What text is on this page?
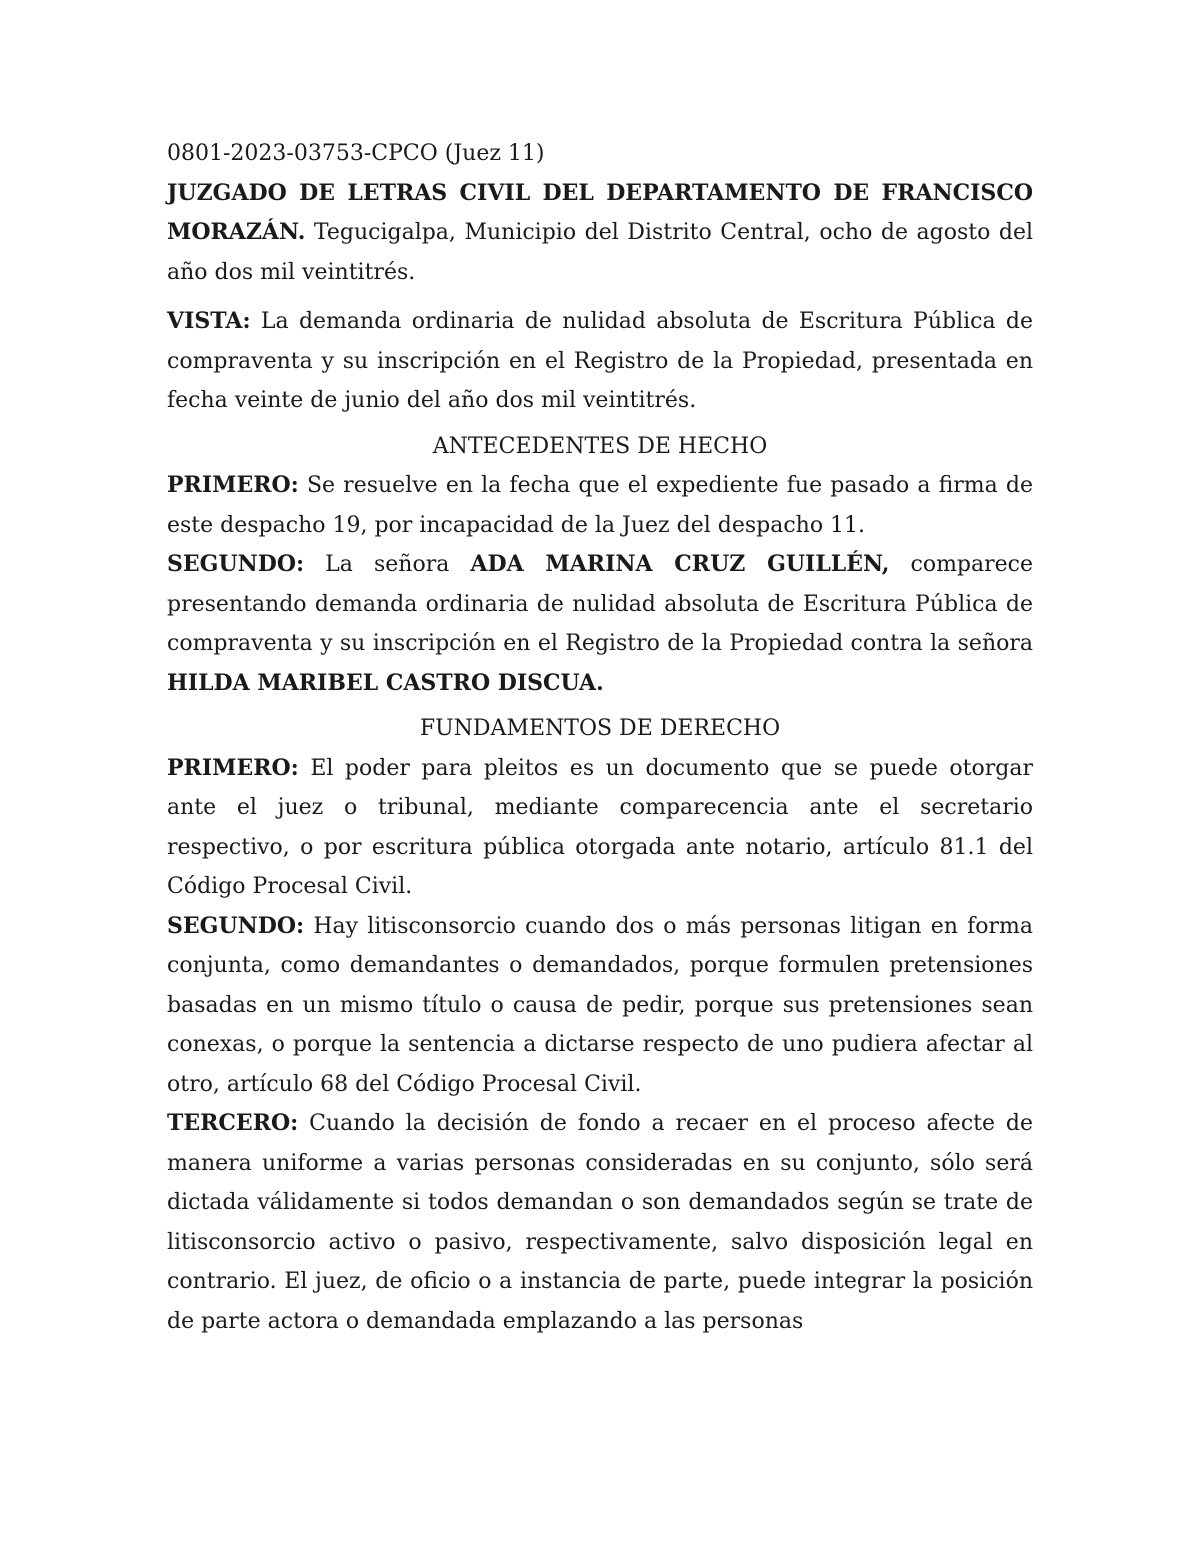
0801-2023-03753-CPCO (Juez 11)

JUZGADO DE LETRAS CIVIL DEL DEPARTAMENTO DE FRANCISCO MORAZÁN. Tegucigalpa, Municipio del Distrito Central, ocho de agosto del año dos mil veintitrés.

VISTA: La demanda ordinaria de nulidad absoluta de Escritura Pública de compraventa y su inscripción en el Registro de la Propiedad, presentada en fecha veinte de junio del año dos mil veintitrés.

ANTECEDENTES DE HECHO

PRIMERO: Se resuelve en la fecha que el expediente fue pasado a firma de este despacho 19, por incapacidad de la Juez del despacho 11.

SEGUNDO: La señora ADA MARINA CRUZ GUILLÉN, comparece presentando demanda ordinaria de nulidad absoluta de Escritura Pública de compraventa y su inscripción en el Registro de la Propiedad contra la señora HILDA MARIBEL CASTRO DISCUA.

FUNDAMENTOS DE DERECHO

PRIMERO: El poder para pleitos es un documento que se puede otorgar ante el juez o tribunal, mediante comparecencia ante el secretario respectivo, o por escritura pública otorgada ante notario, artículo 81.1 del Código Procesal Civil.

SEGUNDO: Hay litisconsorcio cuando dos o más personas litigan en forma conjunta, como demandantes o demandados, porque formulen pretensiones basadas en un mismo título o causa de pedir, porque sus pretensiones sean conexas, o porque la sentencia a dictarse respecto de uno pudiera afectar al otro, artículo 68 del Código Procesal Civil.

TERCERO: Cuando la decisión de fondo a recaer en el proceso afecte de manera uniforme a varias personas consideradas en su conjunto, sólo será dictada válidamente si todos demandan o son demandados según se trate de litisconsorcio activo o pasivo, respectivamente, salvo disposición legal en contrario. El juez, de oficio o a instancia de parte, puede integrar la posición de parte actora o demandada emplazando a las personas
